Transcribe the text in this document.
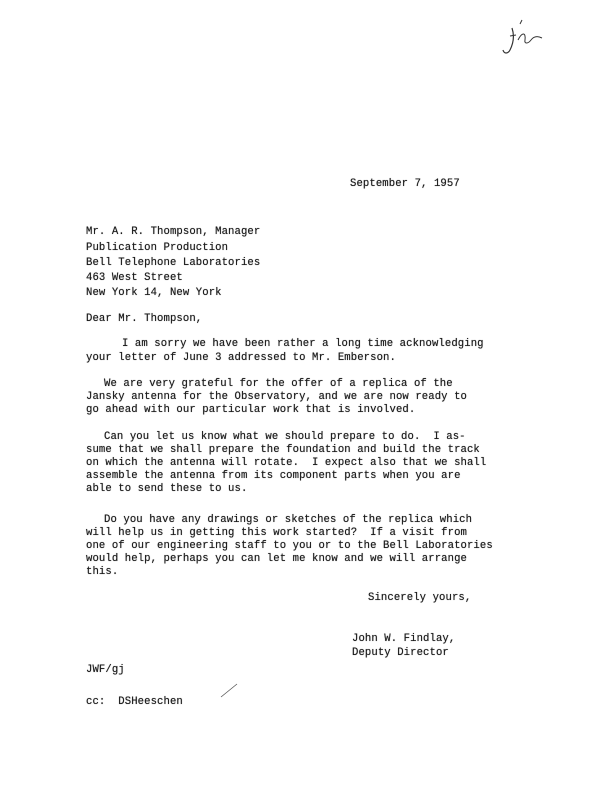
September 7, 1957

Mr. A. R. Thompson, Manager

Publication Production

Bell Telephone Laboratories

463 West Street

New York 14, New York

Dear Mr. Thompson,

I am sorry we have been rather a long time acknowledging

your letter of June 3 addressed to Mr. Emberson.

We are very grateful for the offer of a replica of the

Jansky antenna for the Observatory, and we are now ready to

go ahead with our particular work that is involved.

Can you let us know what we should prepare to do.  I as-

sume that we shall prepare the foundation and build the track

on which the antenna will rotate.  I expect also that we shall

assemble the antenna from its component parts when you are

able to send these to us.

Do you have any drawings or sketches of the replica which

will help us in getting this work started?  If a visit from

one of our engineering staff to you or to the Bell Laboratories

would help, perhaps you can let me know and we will arrange

this.

Sincerely yours,

John W. Findlay,

Deputy Director

JWF/gj

cc:  DSHeeschen
